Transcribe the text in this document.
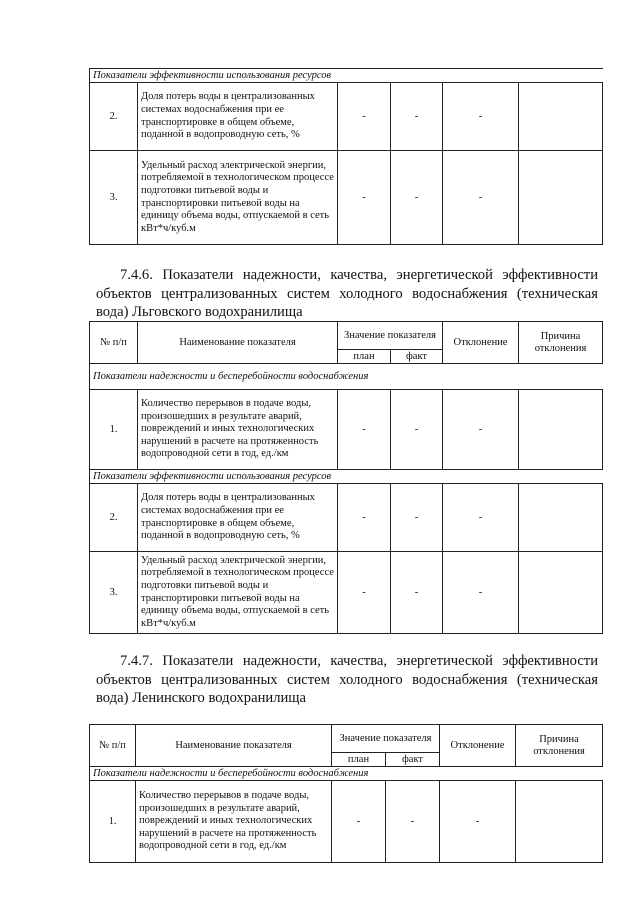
Показатели эффективности использования ресурсов					
2.	Доля потерь воды в централизованных системах водоснабжения при ее транспортировке в общем объеме, поданной в водопроводную сеть, %	-	-	-	
3.	Удельный расход электрической энергии, потребляемой в технологическом процессе подготовки питьевой воды и транспортировки питьевой воды на единицу объема воды, отпускаемой в сеть кВт*ч/куб.м	-	-	-	
7.4.6. Показатели надежности, качества, энергетической эффективности объектов централизованных систем холодного водоснабжения (техническая вода) Льговского водохранилища
№ п/п	Наименование показателя	Значение показателя		Отклонение	Причина отклонения
		план	факт		
Показатели надежности и бесперебойности водоснабжения					
1.	Количество перерывов в подаче воды, произошедших в результате аварий, повреждений и иных технологических нарушений в расчете на протяженность водопроводной сети в год, ед./км	-	-	-	
Показатели эффективности использования ресурсов					
2.	Доля потерь воды в централизованных системах водоснабжения при ее транспортировке в общем объеме, поданной в водопроводную сеть, %	-	-	-	
3.	Удельный расход электрической энергии, потребляемой в технологическом процессе подготовки питьевой воды и транспортировки питьевой воды на единицу объема воды, отпускаемой в сеть кВт*ч/куб.м	-	-	-	
7.4.7. Показатели надежности, качества, энергетической эффективности объектов централизованных систем холодного водоснабжения (техническая вода) Ленинского водохранилища
№ п/п	Наименование показателя	Значение показателя		Отклонение	Причина отклонения
		план	факт		
Показатели надежности и бесперебойности водоснабжения					
1.	Количество перерывов в подаче воды, произошедших в результате аварий, повреждений и иных технологических нарушений в расчете на протяженность водопроводной сети в год, ед./км	-	-	-	
